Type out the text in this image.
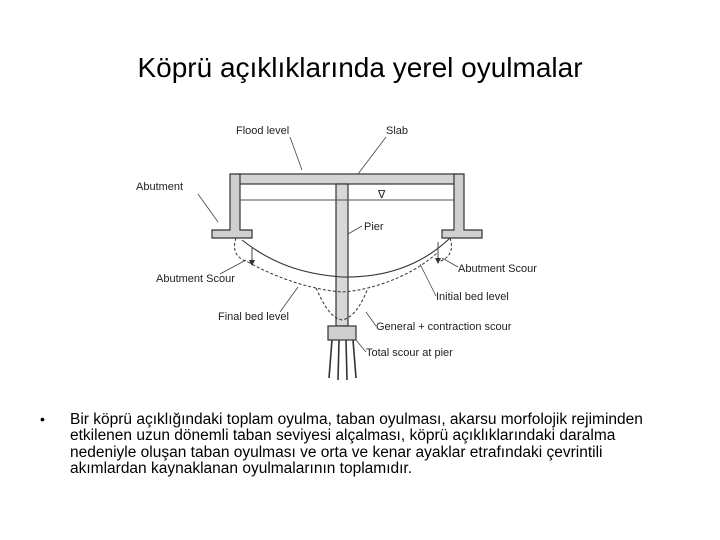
Köprü açıklıklarında yerel oyulmalar
∇
Flood level	Slab
Abutment
Pier
Abutment Scour
Abutment Scour
Initial bed level
Final bed level
General + contraction scour
Total scour at pier
• Bir köprü açıklığındaki toplam oyulma, taban oyulması, akarsu morfolojik rejiminden etkilenen uzun dönemli taban seviyesi alçalması, köprü açıklıklarındaki daralma nedeniyle oluşan taban oyulması ve orta ve kenar ayaklar etrafındaki çevrintili akımlardan kaynaklanan oyulmalarının toplamıdır.
